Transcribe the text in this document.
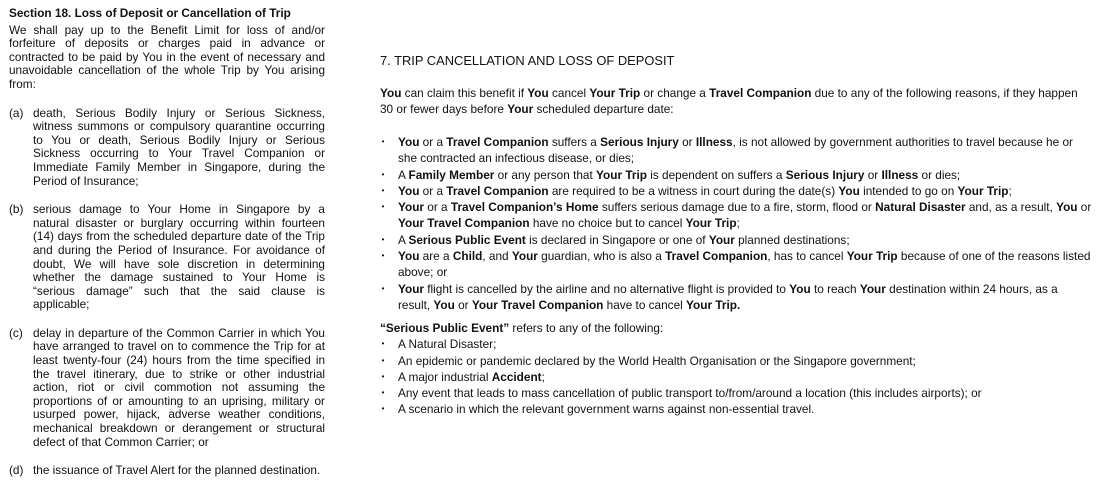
Section 18. Loss of Deposit or Cancellation of Trip

We shall pay up to the Benefit Limit for loss of and/or forfeiture of deposits or charges paid in advance or contracted to be paid by You in the event of necessary and unavoidable cancellation of the whole Trip by You arising from:

(a) death, Serious Bodily Injury or Serious Sickness, witness summons or compulsory quarantine occurring to You or death, Serious Bodily Injury or Serious Sickness occurring to Your Travel Companion or Immediate Family Member in Singapore, during the Period of Insurance;

(b) serious damage to Your Home in Singapore by a natural disaster or burglary occurring within fourteen (14) days from the scheduled departure date of the Trip and during the Period of Insurance. For avoidance of doubt, We will have sole discretion in determining whether the damage sustained to Your Home is “serious damage” such that the said clause is applicable;

(c) delay in departure of the Common Carrier in which You have arranged to travel on to commence the Trip for at least twenty-four (24) hours from the time specified in the travel itinerary, due to strike or other industrial action, riot or civil commotion not assuming the proportions of or amounting to an uprising, military or usurped power, hijack, adverse weather conditions, mechanical breakdown or derangement or structural defect of that Common Carrier; or

(d) the issuance of Travel Alert for the planned destination.

7. TRIP CANCELLATION AND LOSS OF DEPOSIT

You can claim this benefit if You cancel Your Trip or change a Travel Companion due to any of the following reasons, if they happen 30 or fewer days before Your scheduled departure date:

• You or a Travel Companion suffers a Serious Injury or Illness, is not allowed by government authorities to travel because he or she contracted an infectious disease, or dies;
• A Family Member or any person that Your Trip is dependent on suffers a Serious Injury or Illness or dies;
• You or a Travel Companion are required to be a witness in court during the date(s) You intended to go on Your Trip;
• Your or a Travel Companion’s Home suffers serious damage due to a fire, storm, flood or Natural Disaster and, as a result, You or Your Travel Companion have no choice but to cancel Your Trip;
• A Serious Public Event is declared in Singapore or one of Your planned destinations;
• You are a Child, and Your guardian, who is also a Travel Companion, has to cancel Your Trip because of one of the reasons listed above; or
• Your flight is cancelled by the airline and no alternative flight is provided to You to reach Your destination within 24 hours, as a result, You or Your Travel Companion have to cancel Your Trip.

“Serious Public Event” refers to any of the following:

• A Natural Disaster;
• An epidemic or pandemic declared by the World Health Organisation or the Singapore government;
• A major industrial Accident;
• Any event that leads to mass cancellation of public transport to/from/around a location (this includes airports); or
• A scenario in which the relevant government warns against non-essential travel.
